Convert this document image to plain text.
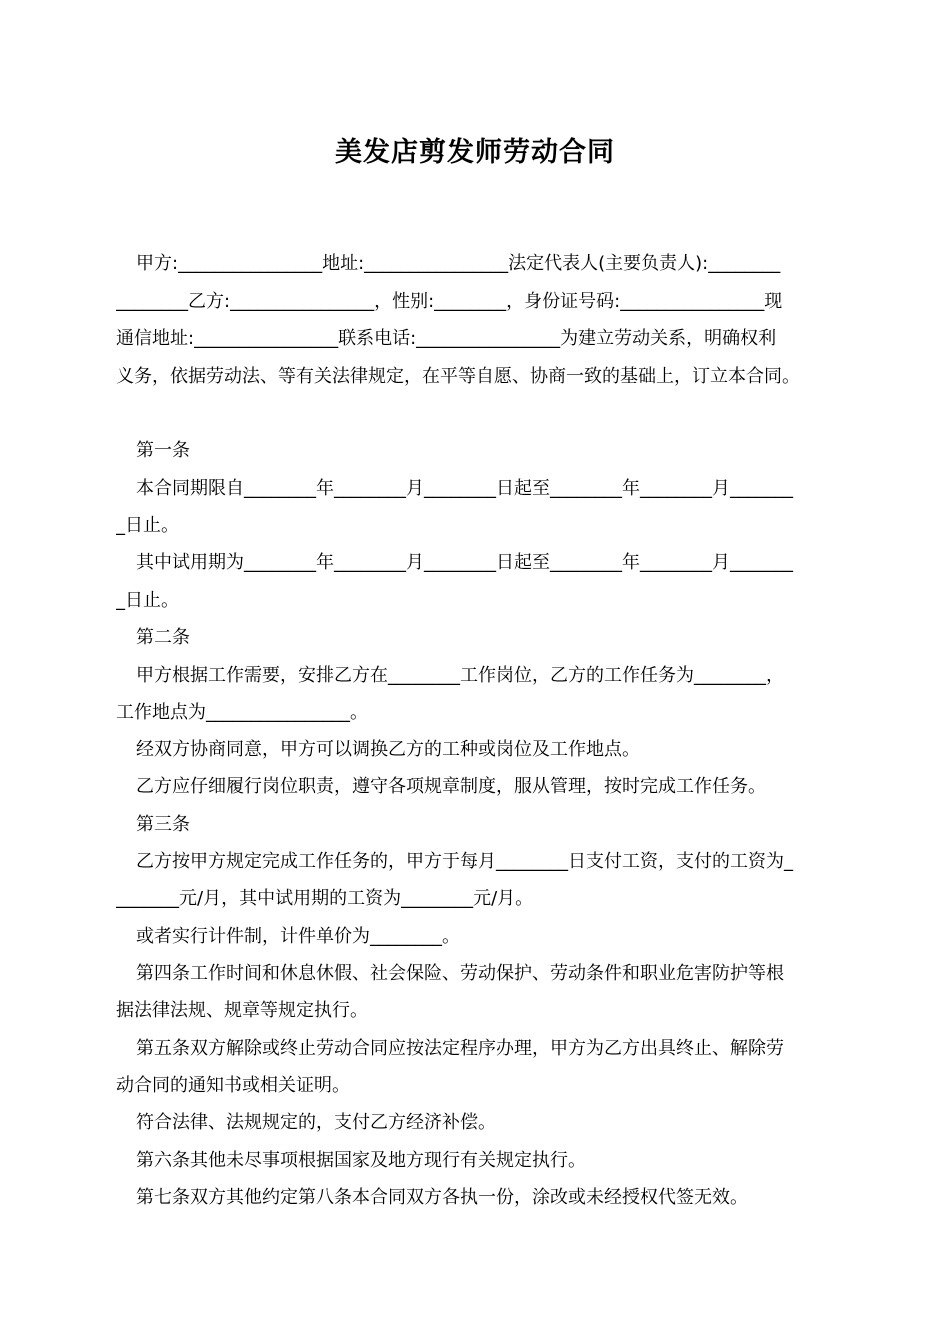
美发店剪发师劳动合同
甲方:________________地址:________________法定代表人(主要负责人):________
________乙方:________________，性别:________，身份证号码:________________现
通信地址:________________联系电话:________________为建立劳动关系，明确权利
义务，依据劳动法、等有关法律规定，在平等自愿、协商一致的基础上，订立本合同。
第一条
本合同期限自________年________月________日起至________年________月_______
_日止。
其中试用期为________年________月________日起至________年________月_______
_日止。
第二条
甲方根据工作需要，安排乙方在________工作岗位，乙方的工作任务为________，
工作地点为________________。
经双方协商同意，甲方可以调换乙方的工种或岗位及工作地点。
乙方应仔细履行岗位职责，遵守各项规章制度，服从管理，按时完成工作任务。
第三条
乙方按甲方规定完成工作任务的，甲方于每月________日支付工资，支付的工资为_
_______元/月，其中试用期的工资为________元/月。
或者实行计件制，计件单价为________。
第四条工作时间和休息休假、社会保险、劳动保护、劳动条件和职业危害防护等根
据法律法规、规章等规定执行。
第五条双方解除或终止劳动合同应按法定程序办理，甲方为乙方出具终止、解除劳
动合同的通知书或相关证明。
符合法律、法规规定的，支付乙方经济补偿。
第六条其他未尽事项根据国家及地方现行有关规定执行。
第七条双方其他约定第八条本合同双方各执一份，涂改或未经授权代签无效。
